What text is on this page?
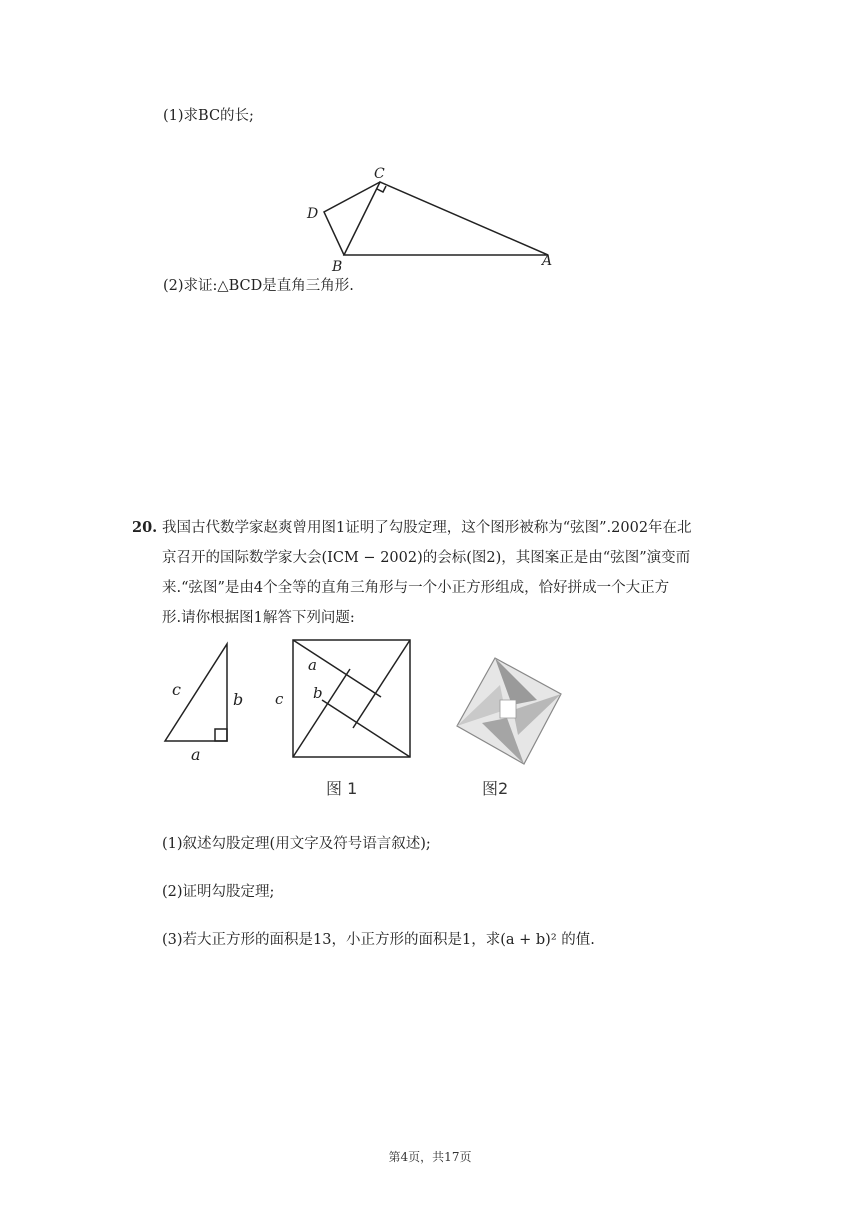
(1)求BC的长;
C
D
B	A
(2)求证:△BCD是直角三角形.
20. 我国古代数学家赵爽曾用图1证明了勾股定理，这个图形被称为“弦图”.2002年在北
京召开的国际数学家大会(ICM − 2002)的会标(图2)，其图案正是由“弦图”演变而
来.“弦图”是由4个全等的直角三角形与一个小正方形组成，恰好拼成一个大正方
形.请你根据图1解答下列问题:
c
b
a
c
a
b
图 1	图2
(1)叙述勾股定理(用文字及符号语言叙述);
(2)证明勾股定理;
(3)若大正方形的面积是13，小正方形的面积是1，求(a + b)² 的值.
第4页，共17页
